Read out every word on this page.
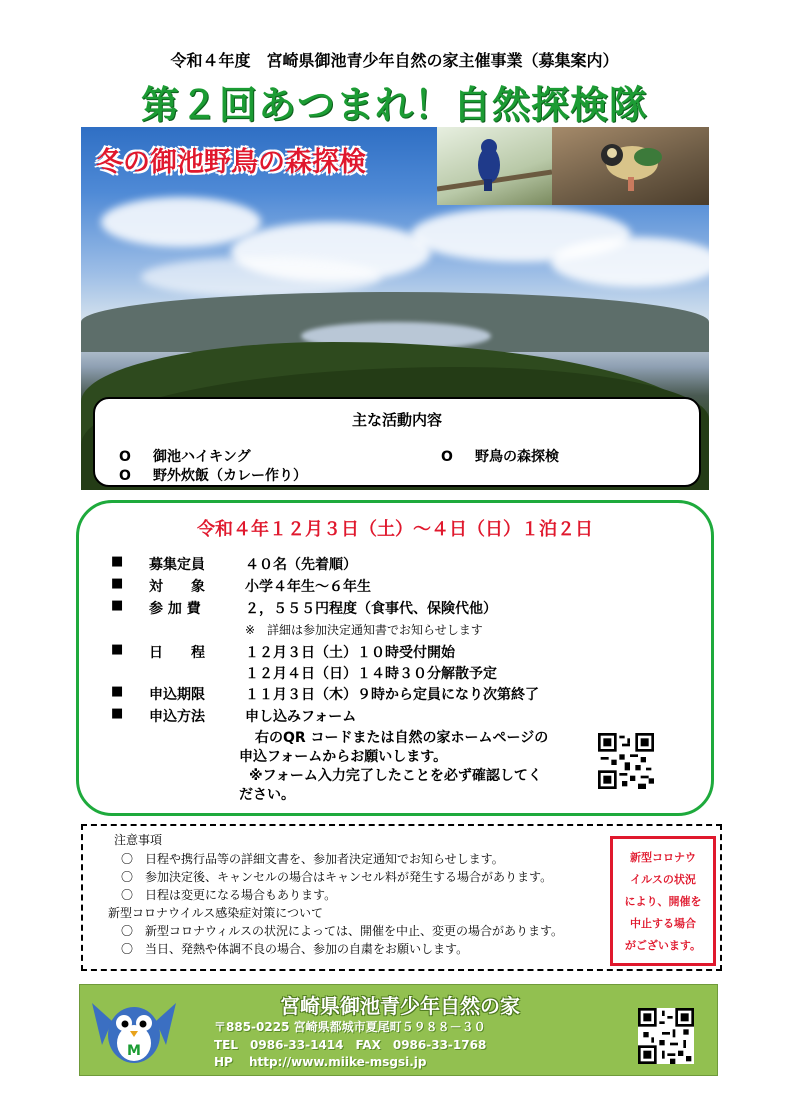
令和４年度　宮崎県御池青少年自然の家主催事業（募集案内）
第２回あつまれ！自然探検隊
冬の御池野鳥の森探検
主な活動内容
O 御池ハイキング	O 野鳥の森探検
O 野外炊飯（カレー作り）
令和４年１２月３日（土）～４日（日）１泊２日
■ 募集定員	４０名（先着順）
■ 対　　象	小学４年生～６年生
■ 参 加 費	２，５５５円程度（食事代、保険代他）
※　詳細は参加決定通知書でお知らせします
■ 日　　程	１２月３日（土）１０時受付開始
１２月４日（日）１４時３０分解散予定
■ 申込期限	１１月３日（木）９時から定員になり次第終了
■ 申込方法	申し込みフォーム
右のQR コードまたは自然の家ホームページの
申込フォームからお願いします。
※フォーム入力完了したことを必ず確認してく
ださい。
注意事項
〇　 日程や携行品等の詳細文書を、参加者決定通知でお知らせします。
〇　 参加決定後、キャンセルの場合はキャンセル料が発生する場合があります。
〇　 日程は変更になる場合もあります。
新型コロナウイルス感染症対策について
〇　 新型コロナウィルスの状況によっては、開催を中止、変更の場合があります。
〇　 当日、発熱や体調不良の場合、参加の自粛をお願いします。
新型コロナウ
イルスの状況
により、開催を
中止する場合
がございます。
宮崎県御池青少年自然の家
〒885-0225 宮崎県都城市夏尾町５９８８－３０
TEL　0986-33-1414　FAX　0986-33-1768
HP　 http://www.miike-msgsi.jp
M
